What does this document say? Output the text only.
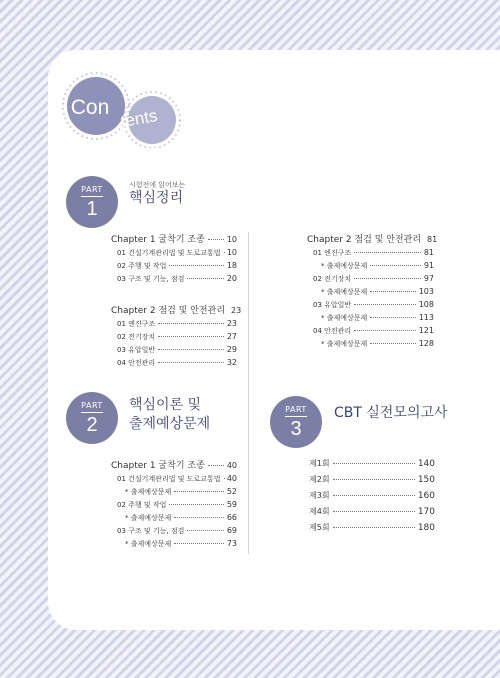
Con tents
PART
1
시험전에 읽어보는
핵심정리
Chapter 1 굴착기 조종	10
01 건설기계관리법 및 도로교통법 10
02 주행 및 작업	18
03 구조 및 기능, 점검	20
Chapter 2 점검 및 안전관리 23
01 엔진구조	23
02 전기장치	27
03 유압일반	29
04 안전관리	32
PART
2
핵심이론 및
출제예상문제
Chapter 1 굴착기 조종	40
01 건설기계관리법 및 도로교통법 40
* 출제예상문제	52
02 주행 및 작업	59
* 출제예상문제	66
03 구조 및 기능, 점검	69
* 출제예상문제	73
Chapter 2 점검 및 안전관리 81
01 엔진구조	81
* 출제예상문제	91
02 전기장치	97
* 출제예상문제	103
03 유압일반	108
* 출제예상문제	113
04 안전관리	121
* 출제예상문제	128
PART
3
CBT 실전모의고사
제1회	140
제2회	150
제3회	160
제4회	170
제5회	180
